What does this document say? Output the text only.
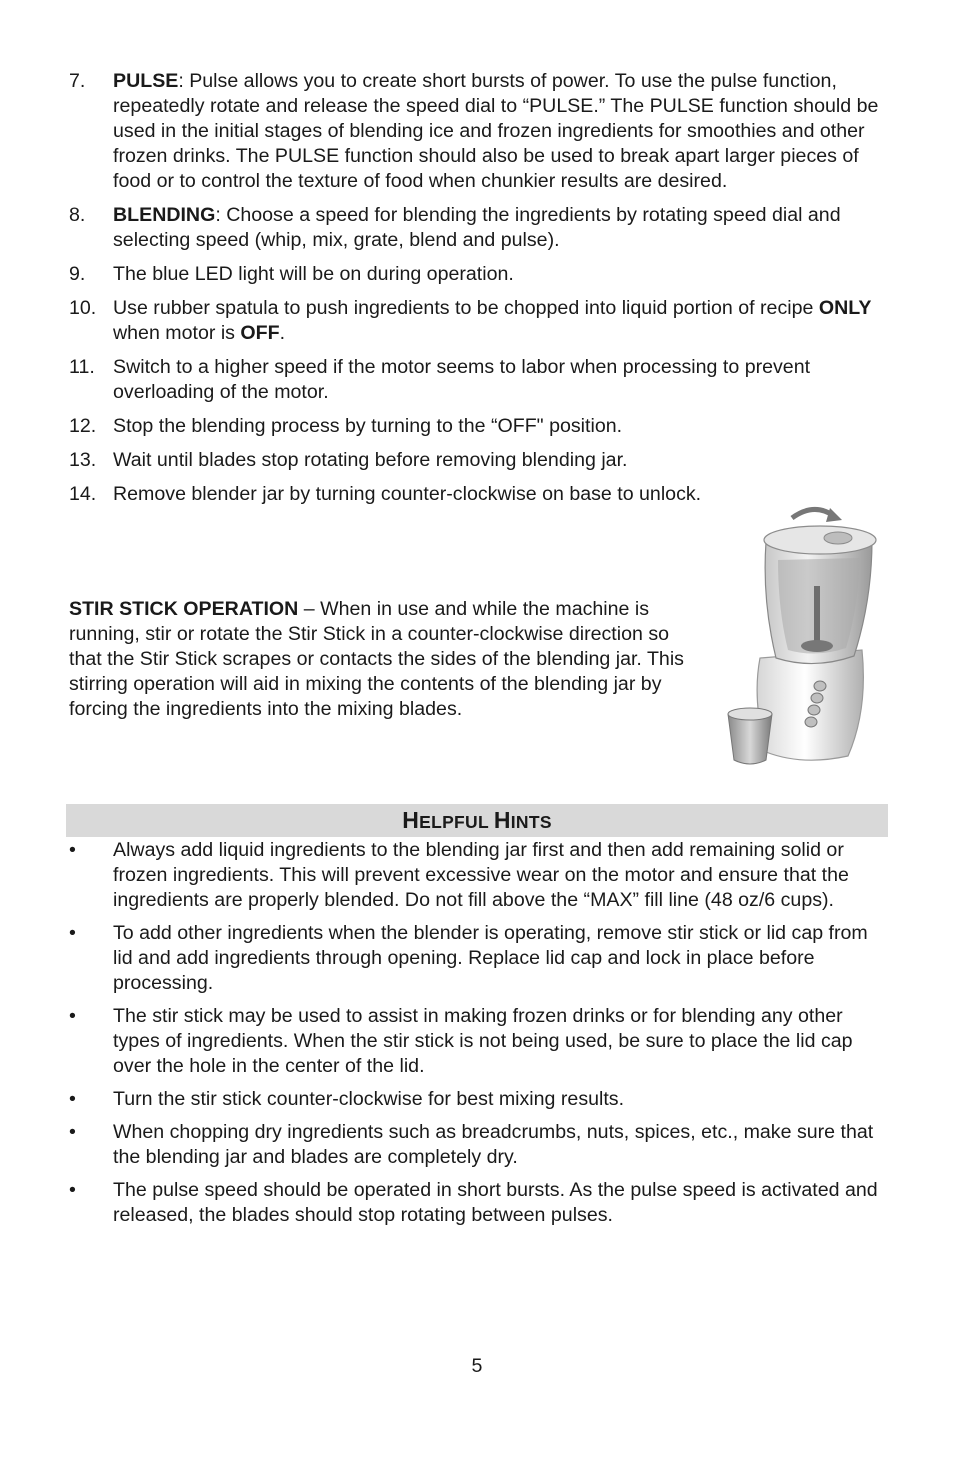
7. PULSE: Pulse allows you to create short bursts of power. To use the pulse function, repeatedly rotate and release the speed dial to “PULSE.” The PULSE function should be used in the initial stages of blending ice and frozen ingredients for smoothies and other frozen drinks. The PULSE function should also be used to break apart larger pieces of food or to control the texture of food when chunkier results are desired.
8. BLENDING: Choose a speed for blending the ingredients by rotating speed dial and selecting speed (whip, mix, grate, blend and pulse).
9. The blue LED light will be on during operation.
10. Use rubber spatula to push ingredients to be chopped into liquid portion of recipe ONLY when motor is OFF.
11. Switch to a higher speed if the motor seems to labor when processing to prevent overloading of the motor.
12. Stop the blending process by turning to the “OFF" position.
13. Wait until blades stop rotating before removing blending jar.
14. Remove blender jar by turning counter-clockwise on base to unlock.

STIR STICK OPERATION – When in use and while the machine is running, stir or rotate the Stir Stick in a counter-clockwise direction so that the Stir Stick scrapes or contacts the sides of the blending jar. This stirring operation will aid in mixing the contents of the blending jar by forcing the ingredients into the mixing blades.

HELPFUL HINTS
• Always add liquid ingredients to the blending jar first and then add remaining solid or frozen ingredients. This will prevent excessive wear on the motor and ensure that the ingredients are properly blended. Do not fill above the “MAX” fill line (48 oz/6 cups).
• To add other ingredients when the blender is operating, remove stir stick or lid cap from lid and add ingredients through opening. Replace lid cap and lock in place before processing.
• The stir stick may be used to assist in making frozen drinks or for blending any other types of ingredients. When the stir stick is not being used, be sure to place the lid cap over the hole in the center of the lid.
• Turn the stir stick counter-clockwise for best mixing results.
• When chopping dry ingredients such as breadcrumbs, nuts, spices, etc., make sure that the blending jar and blades are completely dry.
• The pulse speed should be operated in short bursts. As the pulse speed is activated and released, the blades should stop rotating between pulses.
5
